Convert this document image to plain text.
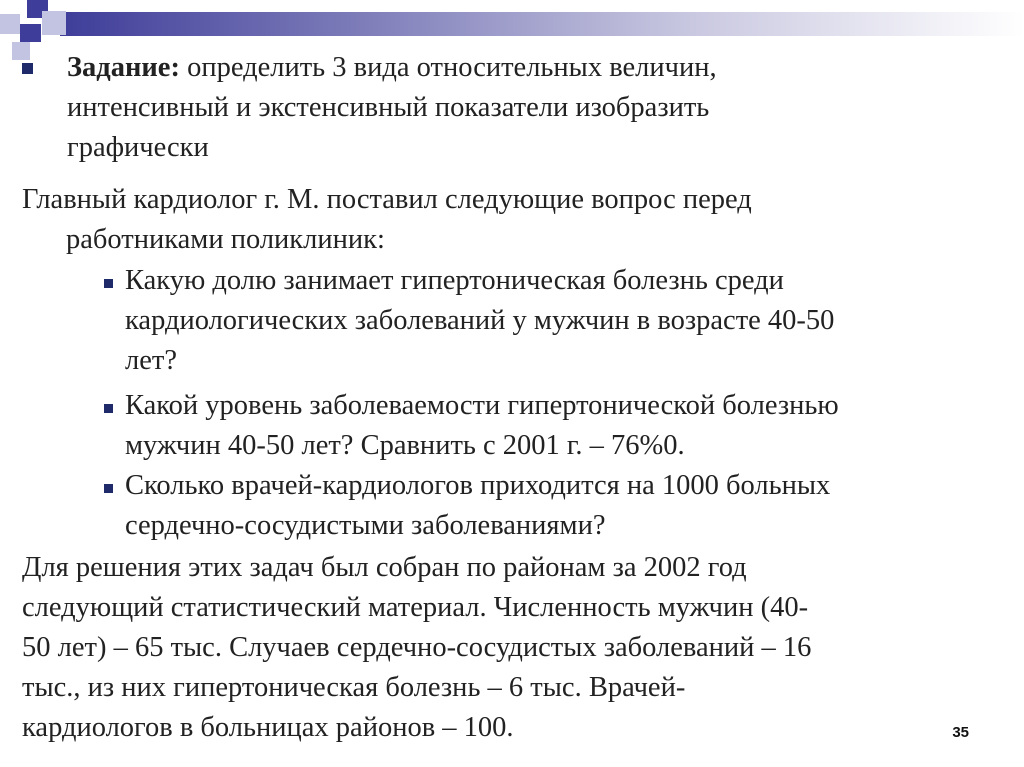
Задание: определить 3 вида относительных величин,
интенсивный и экстенсивный показатели изобразить
графически
Главный кардиолог г. М. поставил следующие вопрос перед
работниками поликлиник:
Какую долю занимает гипертоническая болезнь среди
кардиологических заболеваний у мужчин в возрасте 40-50
лет?
Какой уровень заболеваемости гипертонической болезнью
мужчин 40-50 лет? Сравнить с 2001 г. – 76%0.
Сколько врачей-кардиологов приходится на 1000 больных
сердечно-сосудистыми заболеваниями?
Для решения этих задач был собран по районам за 2002 год
следующий статистический материал. Численность мужчин (40-
50 лет) – 65 тыс. Случаев сердечно-сосудистых заболеваний – 16
тыс., из них гипертоническая болезнь – 6 тыс. Врачей-
кардиологов в больницах районов – 100.	35
